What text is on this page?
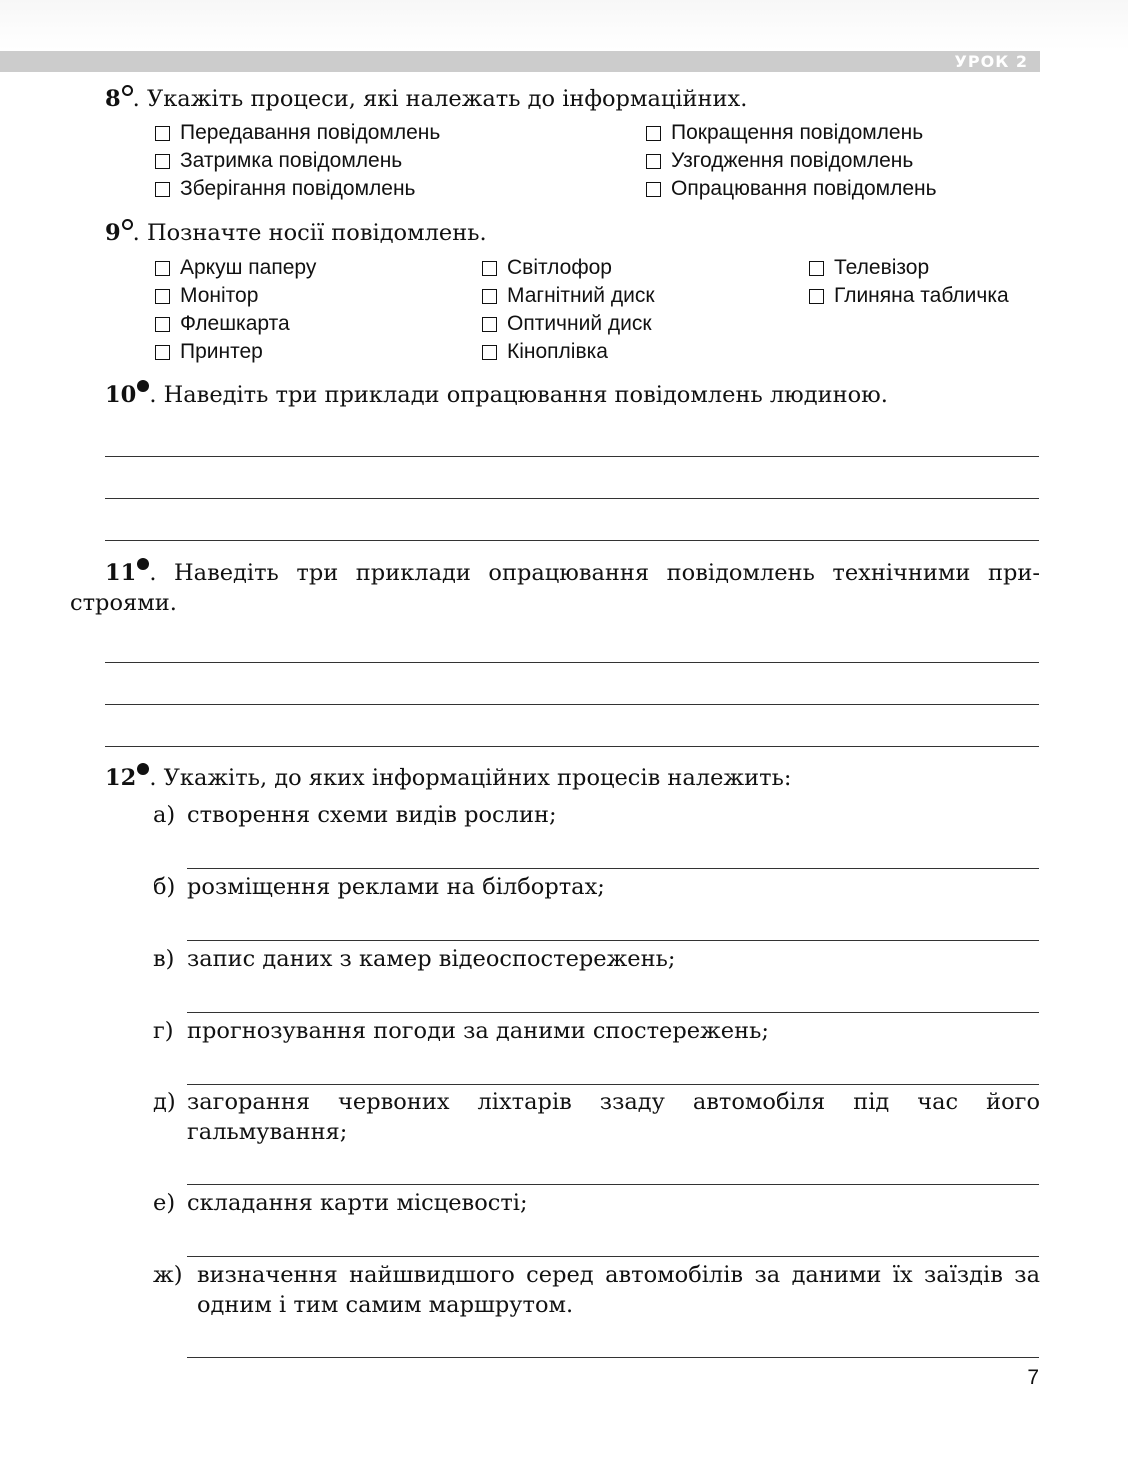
УРОК 2
8 . Укажіть процеси, які належать до інформаційних.
Передавання повідомлень
Затримка повідомлень
Зберігання повідомлень
Покращення повідомлень
Узгодження повідомлень
Опрацювання повідомлень
9 . Позначте носії повідомлень.
Аркуш паперу
Монітор
Флешкарта
Принтер
Світлофор
Магнітний диск
Оптичний диск
Кіноплівка
Телевізор
Глиняна табличка
10 . Наведіть три приклади опрацювання повідомлень людиною.
11 . Наведіть три приклади опрацювання повідомлень технічними при-
строями.
12 . Укажіть, до яких інформаційних процесів належить:
а) створення схеми видів рослин;
б) розміщення реклами на білбортах;
в) запис даних з камер відеоспостережень;
г) прогнозування погоди за даними спостережень;
д) загорання червоних ліхтарів ззаду автомобіля під час його гальмування;
е) складання карти місцевості;
ж) визначення найшвидшого серед автомобілів за даними їх заїздів за одним і тим самим маршрутом.
7
